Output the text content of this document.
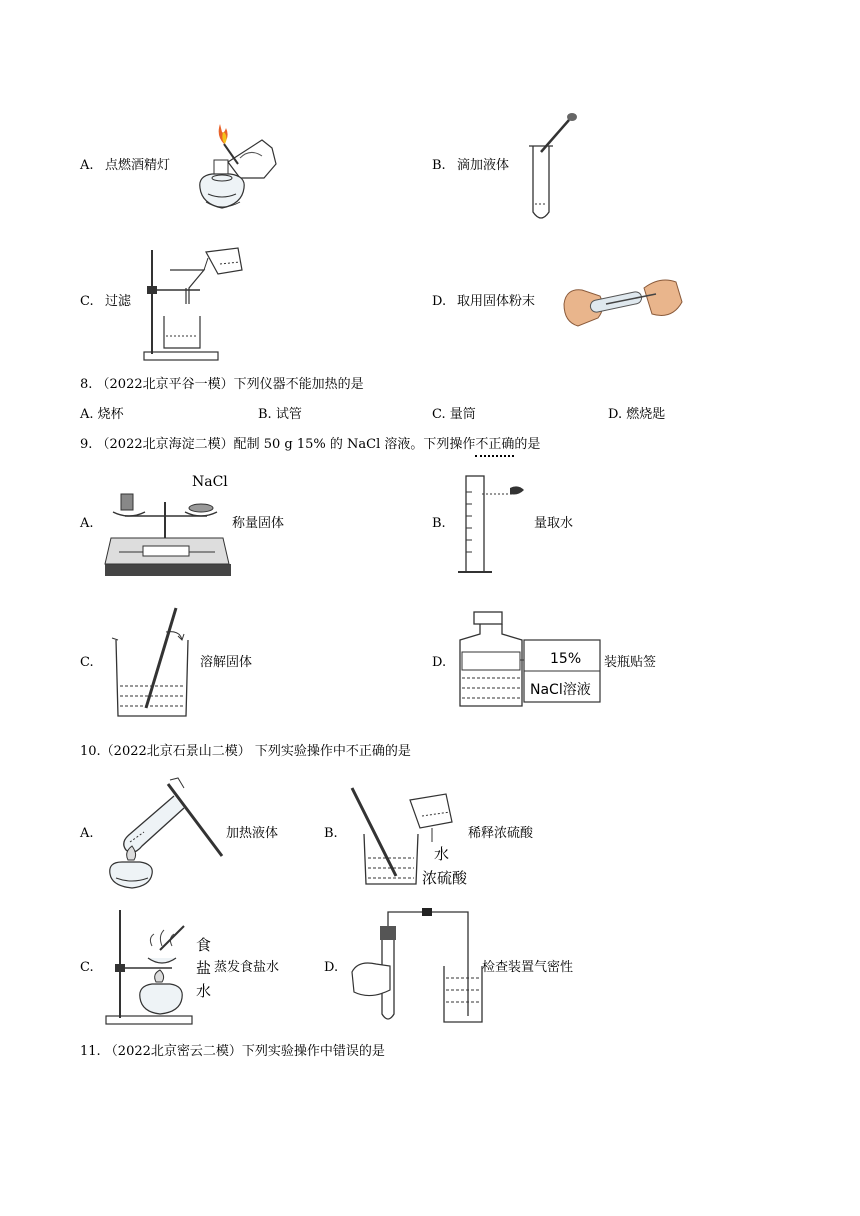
A. 点燃酒精灯	B. 滴加液体
C. 过滤	D. 取用固体粉末
8. （2022北京平谷一模）下列仪器不能加热的是
A. 烧杯	B. 试管	C. 量筒	D. 燃烧匙
9. （2022北京海淀二模）配制 50 g 15% 的 NaCl 溶液。下列操作不正确的是
A.
NaCl
称量固体	B.	量取水
C.	溶解固体	D.	15%
NaCl溶液
装瓶贴签
10.（2022北京石景山二模） 下列实验操作中不正确的是
A.	加热液体	B.
水
浓硫酸
稀释浓硫酸
C.
食
盐
水
蒸发食盐水	D.	检查装置气密性
11. （2022北京密云二模）下列实验操作中错误的是
